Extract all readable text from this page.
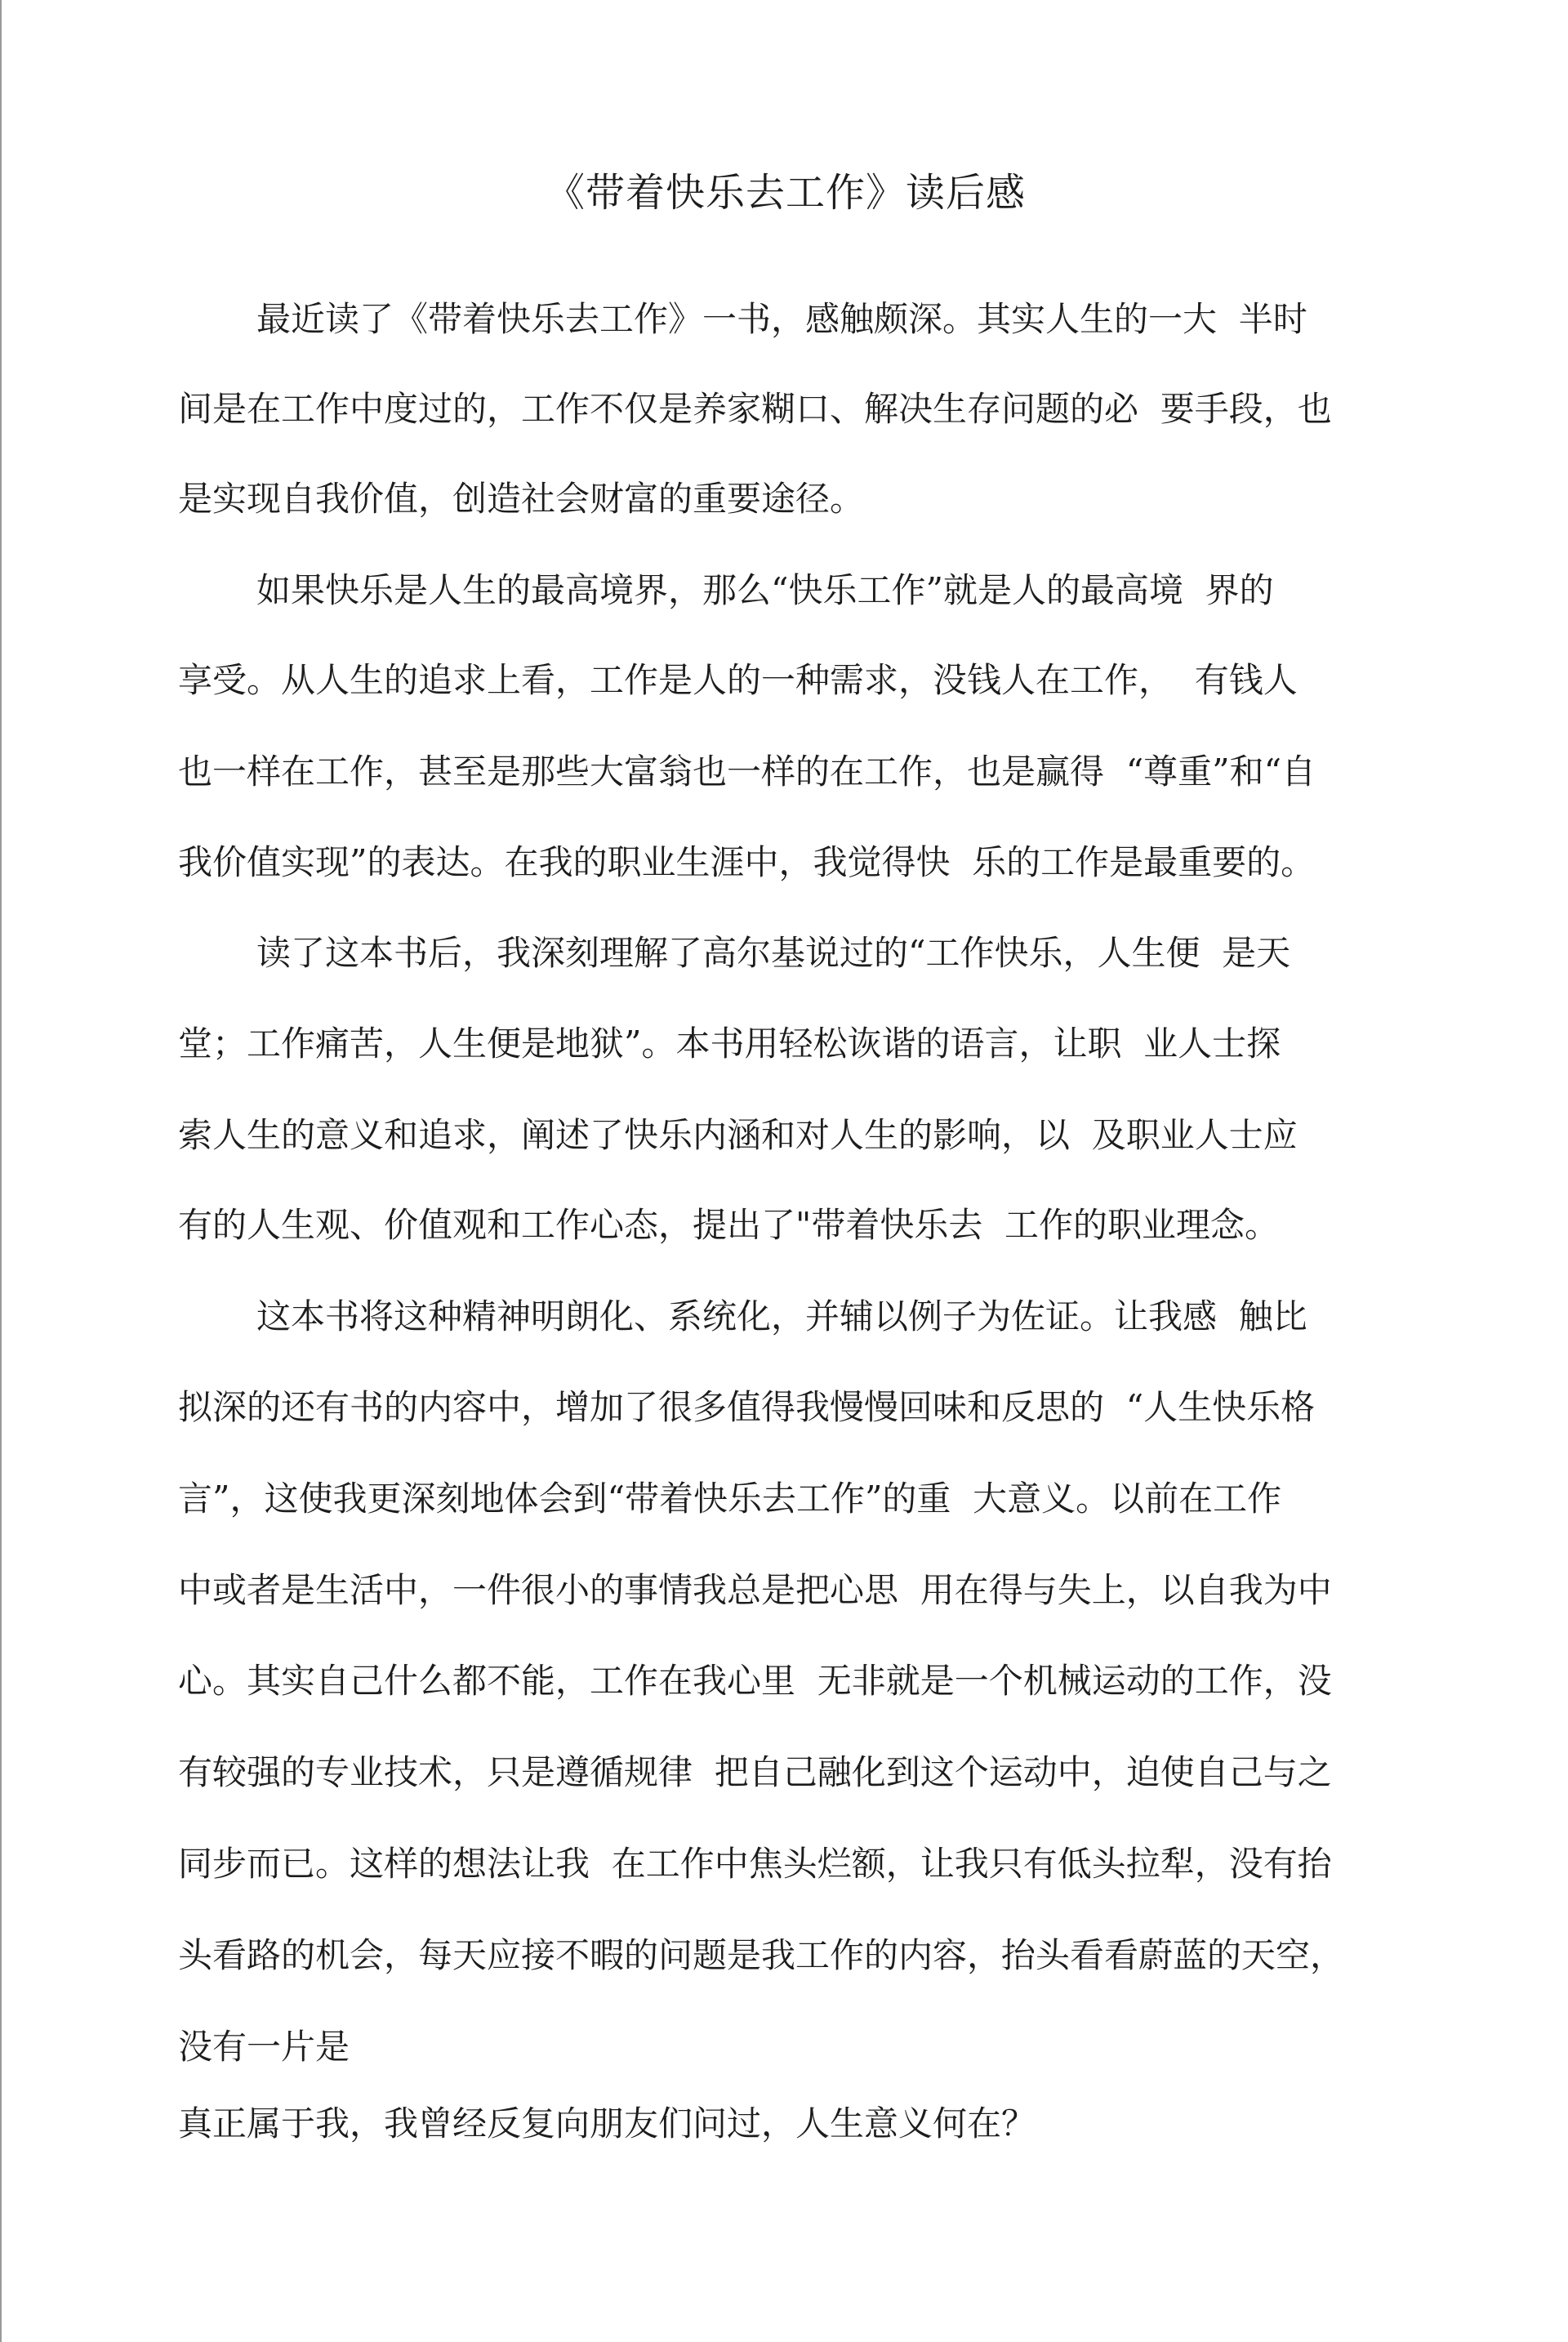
《带着快乐去工作》读后感

最近读了《带着快乐去工作》一书，感触颇深。其实人生的一大  半时

间是在工作中度过的，工作不仅是养家糊口、解决生存问题的必  要手段，也

是实现自我价值，创造社会财富的重要途径。

如果快乐是人生的最高境界，那么“快乐工作”就是人的最高境  界的

享受。从人生的追求上看，工作是人的一种需求，没钱人在工作，  有钱人

也一样在工作，甚至是那些大富翁也一样的在工作，也是赢得  “尊重”和“自

我价值实现”的表达。在我的职业生涯中，我觉得快  乐的工作是最重要的。

读了这本书后，我深刻理解了高尔基说过的“工作快乐，人生便  是天

堂；工作痛苦，人生便是地狱”。本书用轻松诙谐的语言，让职  业人士探

索人生的意义和追求，阐述了快乐内涵和对人生的影响，以  及职业人士应

有的人生观、价值观和工作心态，提出了"带着快乐去  工作的职业理念。

这本书将这种精神明朗化、系统化，并辅以例子为佐证。让我感  触比

拟深的还有书的内容中，增加了很多值得我慢慢回味和反思的  “人生快乐格

言”，这使我更深刻地体会到“带着快乐去工作”的重  大意义。以前在工作

中或者是生活中，一件很小的事情我总是把心思  用在得与失上，以自我为中

心。其实自己什么都不能，工作在我心里  无非就是一个机械运动的工作，没

有较强的专业技术，只是遵循规律  把自己融化到这个运动中，迫使自己与之

同步而已。这样的想法让我  在工作中焦头烂额，让我只有低头拉犁，没有抬

头看路的机会，每天应接不暇的问题是我工作的内容，抬头看看蔚蓝的天空，

没有一片是

真正属于我，我曾经反复向朋友们问过，人生意义何在？
